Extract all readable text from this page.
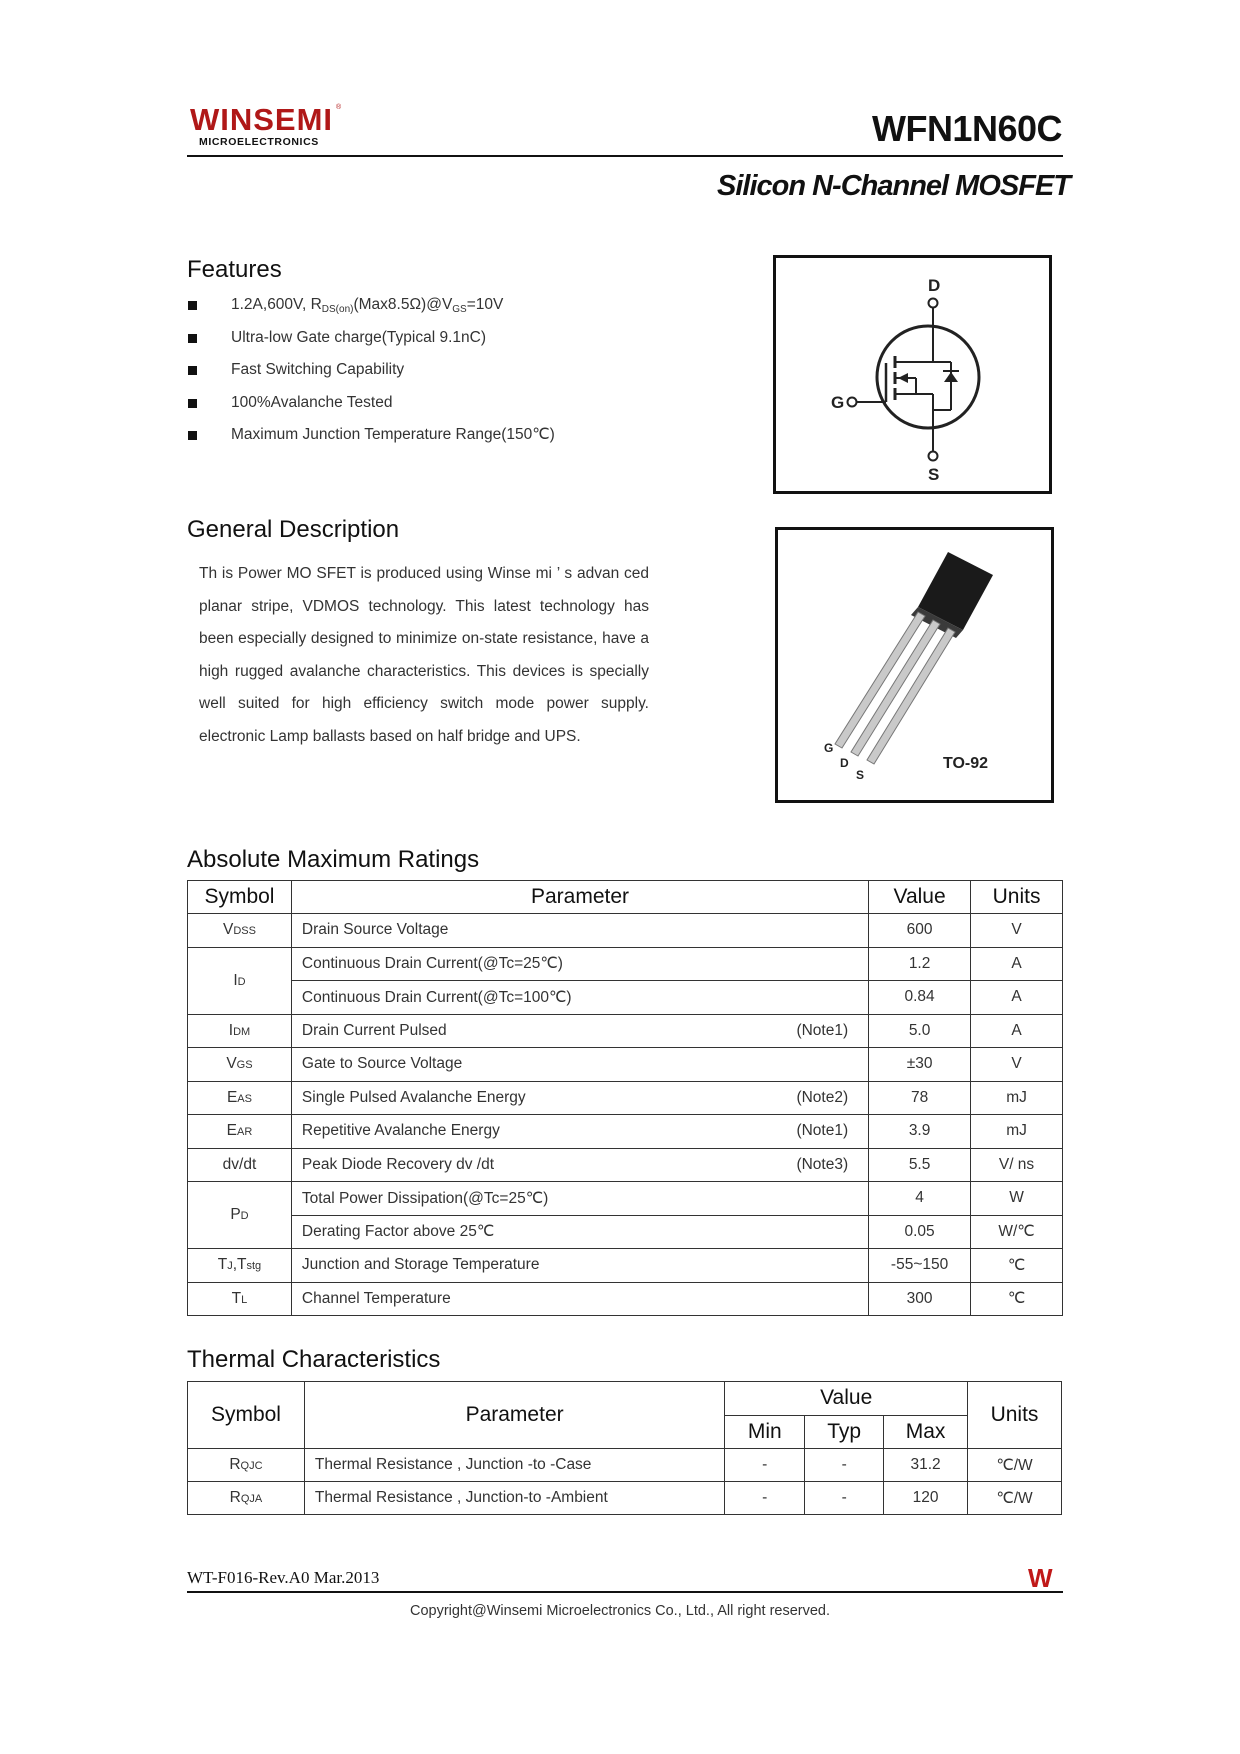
WINSEMI
MICROELECTRONICS
®
WFN1N60C
Silicon N-Channel MOSFET
Features
1.2A,600V, $R_{DS(on)}(Max8.5\Omega)@V_{GS}=10V$
Ultra-low Gate charge(Typical 9.1nC)
Fast Switching Capability
100%Avalanche Tested
Maximum Junction Temperature Range(150℃)
D
G
S
General Description
Th is Power MO SFET is produced using Winse mi ’ s advan ced planar stripe, VDMOS technology. This latest technology has been especially designed to minimize on-state resistance, have a high rugged avalanche characteristics. This devices is specially well suited for high efficiency switch mode power supply. electronic Lamp ballasts based on half bridge and UPS.
G
D
S
TO-92
Absolute Maximum Ratings
Symbol	Parameter	Value	Units
VDSS	Drain Source Voltage	600	V
ID	Continuous Drain Current(@Tc=25℃)	1.2	A
	Continuous Drain Current(@Tc=100℃)	0.84	A
IDM	Drain Current Pulsed (Note1)	5.0	A
VGS	Gate to Source Voltage	±30	V
EAS	Single Pulsed Avalanche Energy (Note2)	78	mJ
EAR	Repetitive Avalanche Energy (Note1)	3.9	mJ
dv/dt	Peak Diode Recovery dv /dt (Note3)	5.5	V/ ns
PD	Total Power Dissipation(@Tc=25℃)	4	W
	Derating Factor above 25℃	0.05	W/℃
TJ,Tstg	Junction and Storage Temperature	-55~150	℃
TL	Channel Temperature	300	℃
Thermal Characteristics
Symbol	Parameter	Value			Units
		Min	Typ	Max	
RQJC	Thermal Resistance , Junction -to -Case	-	-	31.2	℃/W
RQJA	Thermal Resistance , Junction-to -Ambient	-	-	120	℃/W
WT-F016-Rev.A0 Mar.2013	W
Copyright@Winsemi Microelectronics Co., Ltd., All right reserved.
